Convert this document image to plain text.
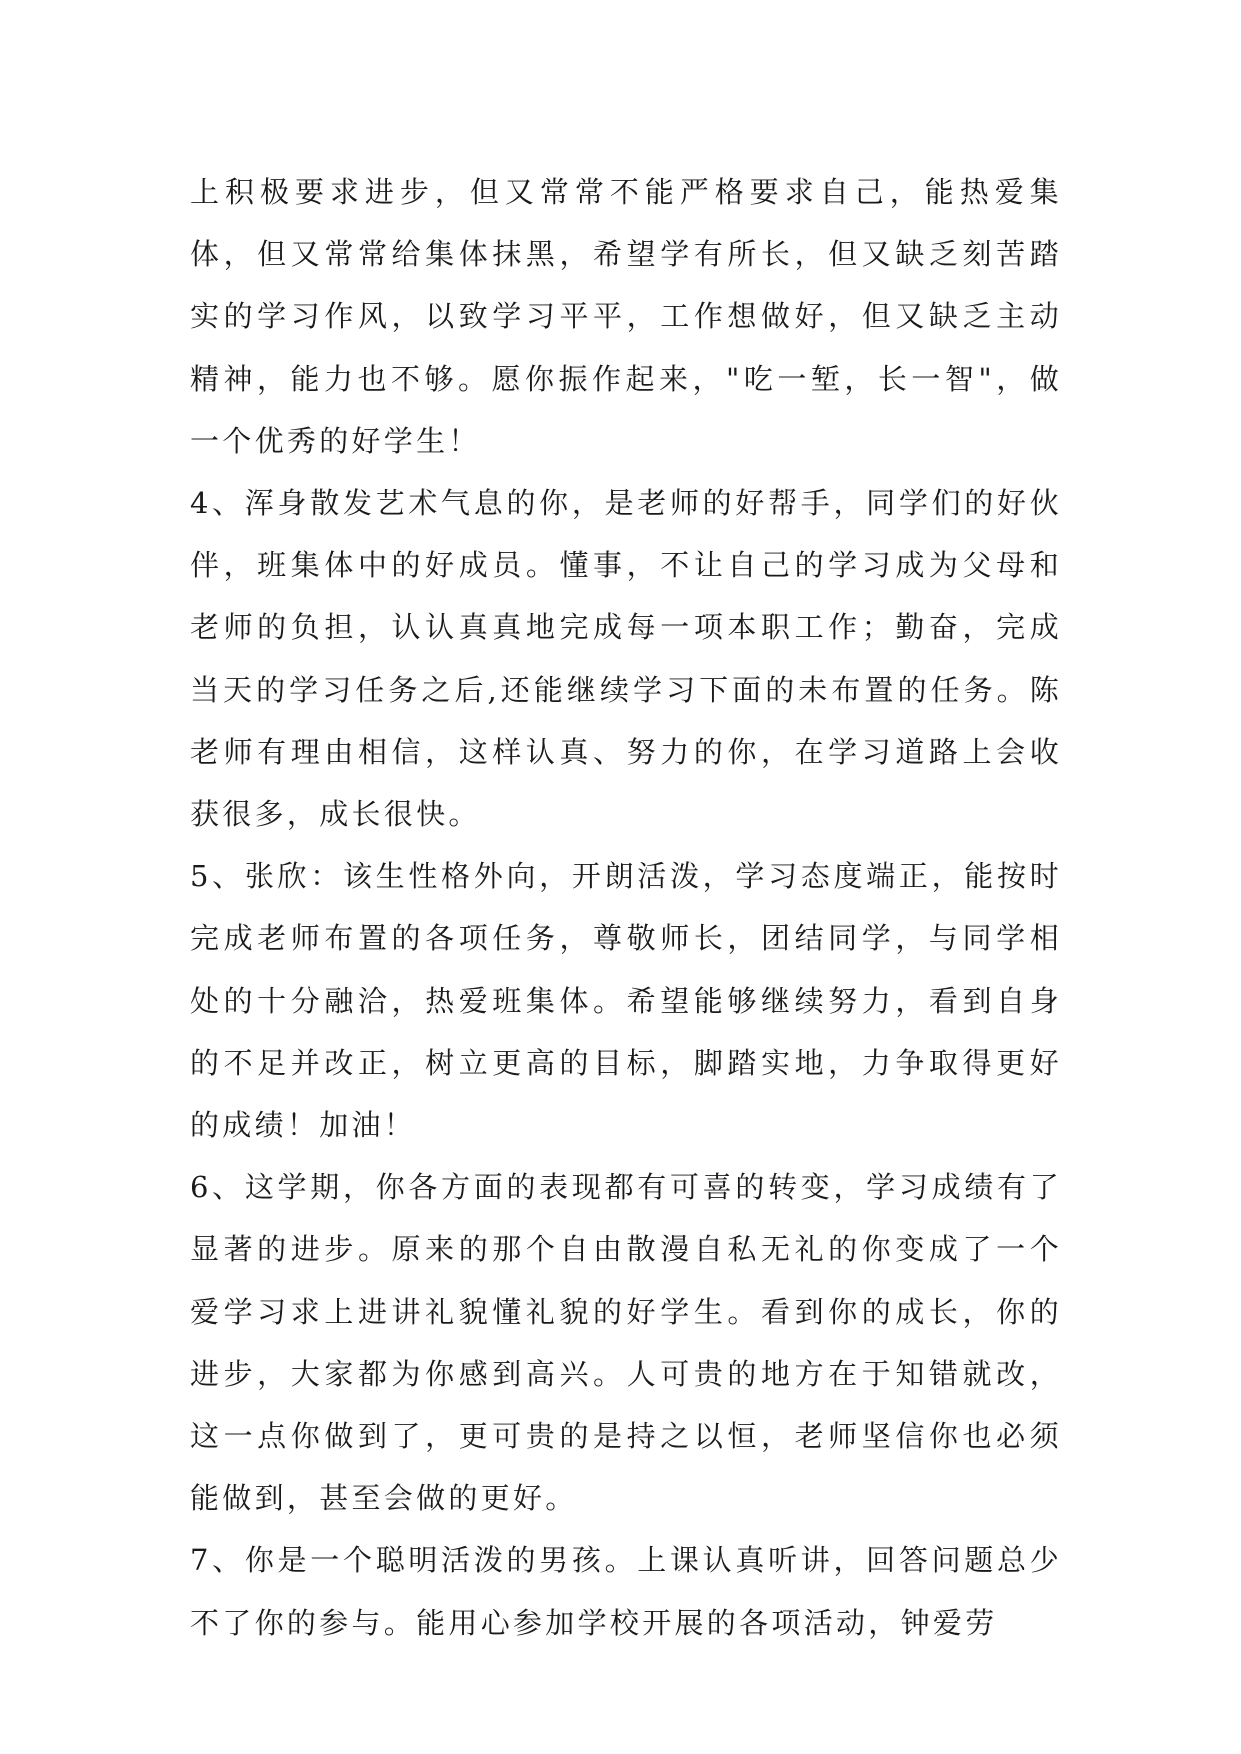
上积极要求进步，但又常常不能严格要求自己，能热爱集体，但又常常给集体抹黑，希望学有所长，但又缺乏刻苦踏实的学习作风，以致学习平平，工作想做好，但又缺乏主动精神，能力也不够。愿你振作起来，"吃一堑，长一智"，做一个优秀的好学生！

4、浑身散发艺术气息的你，是老师的好帮手，同学们的好伙伴，班集体中的好成员。懂事，不让自己的学习成为父母和老师的负担，认认真真地完成每一项本职工作；勤奋，完成当天的学习任务之后,还能继续学习下面的未布置的任务。陈老师有理由相信，这样认真、努力的你，在学习道路上会收获很多，成长很快。

5、张欣：该生性格外向，开朗活泼，学习态度端正，能按时完成老师布置的各项任务，尊敬师长，团结同学，与同学相处的十分融洽，热爱班集体。希望能够继续努力，看到自身的不足并改正，树立更高的目标，脚踏实地，力争取得更好的成绩！加油！

6、这学期，你各方面的表现都有可喜的转变，学习成绩有了显著的进步。原来的那个自由散漫自私无礼的你变成了一个爱学习求上进讲礼貌懂礼貌的好学生。看到你的成长，你的进步，大家都为你感到高兴。人可贵的地方在于知错就改，这一点你做到了，更可贵的是持之以恒，老师坚信你也必须能做到，甚至会做的更好。

7、你是一个聪明活泼的男孩。上课认真听讲，回答问题总少不了你的参与。能用心参加学校开展的各项活动，钟爱劳
